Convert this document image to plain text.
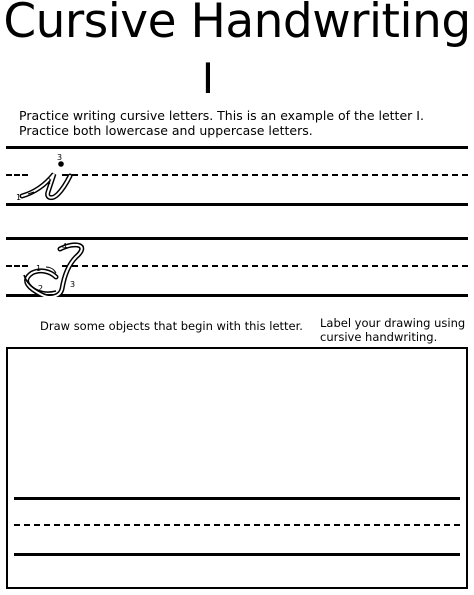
Cursive Handwriting
I
Practice writing cursive letters. This is an example of the letter I. Practice both lowercase and uppercase letters.
1
2
3
1
2	3
4
Draw some objects that begin with this letter. Label your drawing using cursive handwriting.
